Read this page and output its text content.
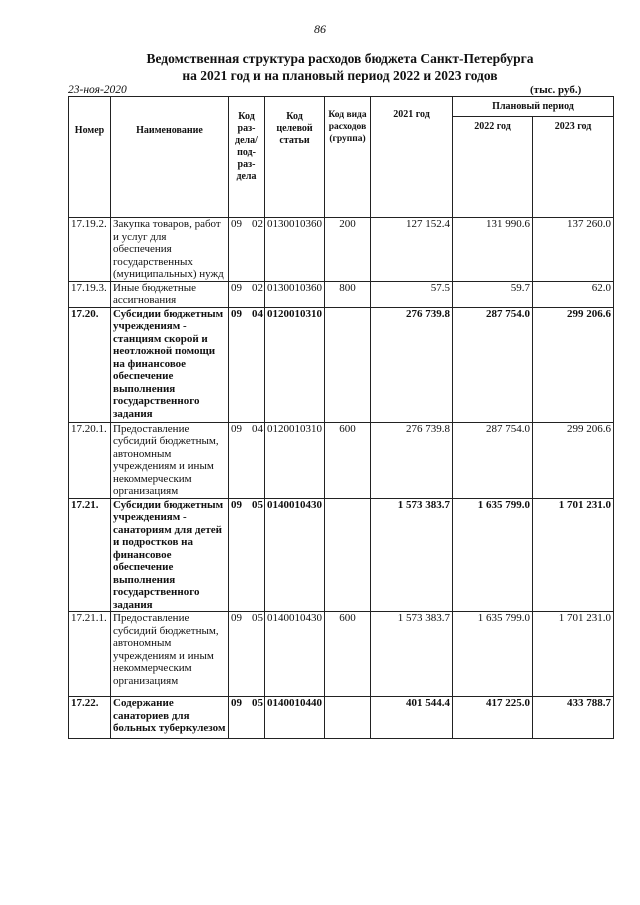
86
Ведомственная структура расходов бюджета Санкт-Петербурга
на 2021 год и на плановый период 2022 и 2023 годов
23-ноя-2020	(тыс. руб.)
Номер	Наименование	Код раз- дела/ под- раз- дела	Код целевой статьи	Код вида расходов (группа)	2021 год	Плановый период	
						2022 год	2023 год
17.19.2.	Закупка товаров, работ и услуг для обеспечения государственных (муниципальных) нужд	09 02	0130010360	200	127 152.4	131 990.6	137 260.0
17.19.3.	Иные бюджетные ассигнования	09 02	0130010360	800	57.5	59.7	62.0
17.20.	Субсидии бюджетным учреждениям - станциям скорой и неотложной помощи на финансовое обеспечение выполнения государственного задания	09 04	0120010310		276 739.8	287 754.0	299 206.6
17.20.1.	Предоставление субсидий бюджетным, автономным учреждениям и иным некоммерческим организациям	09 04	0120010310	600	276 739.8	287 754.0	299 206.6
17.21.	Субсидии бюджетным учреждениям - санаториям для детей и подростков на финансовое обеспечение выполнения государственного задания	09 05	0140010430		1 573 383.7	1 635 799.0	1 701 231.0
17.21.1.	Предоставление субсидий бюджетным, автономным учреждениям и иным некоммерческим организациям	09 05	0140010430	600	1 573 383.7	1 635 799.0	1 701 231.0
17.22.	Содержание санаториев для больных туберкулезом	09 05	0140010440		401 544.4	417 225.0	433 788.7
